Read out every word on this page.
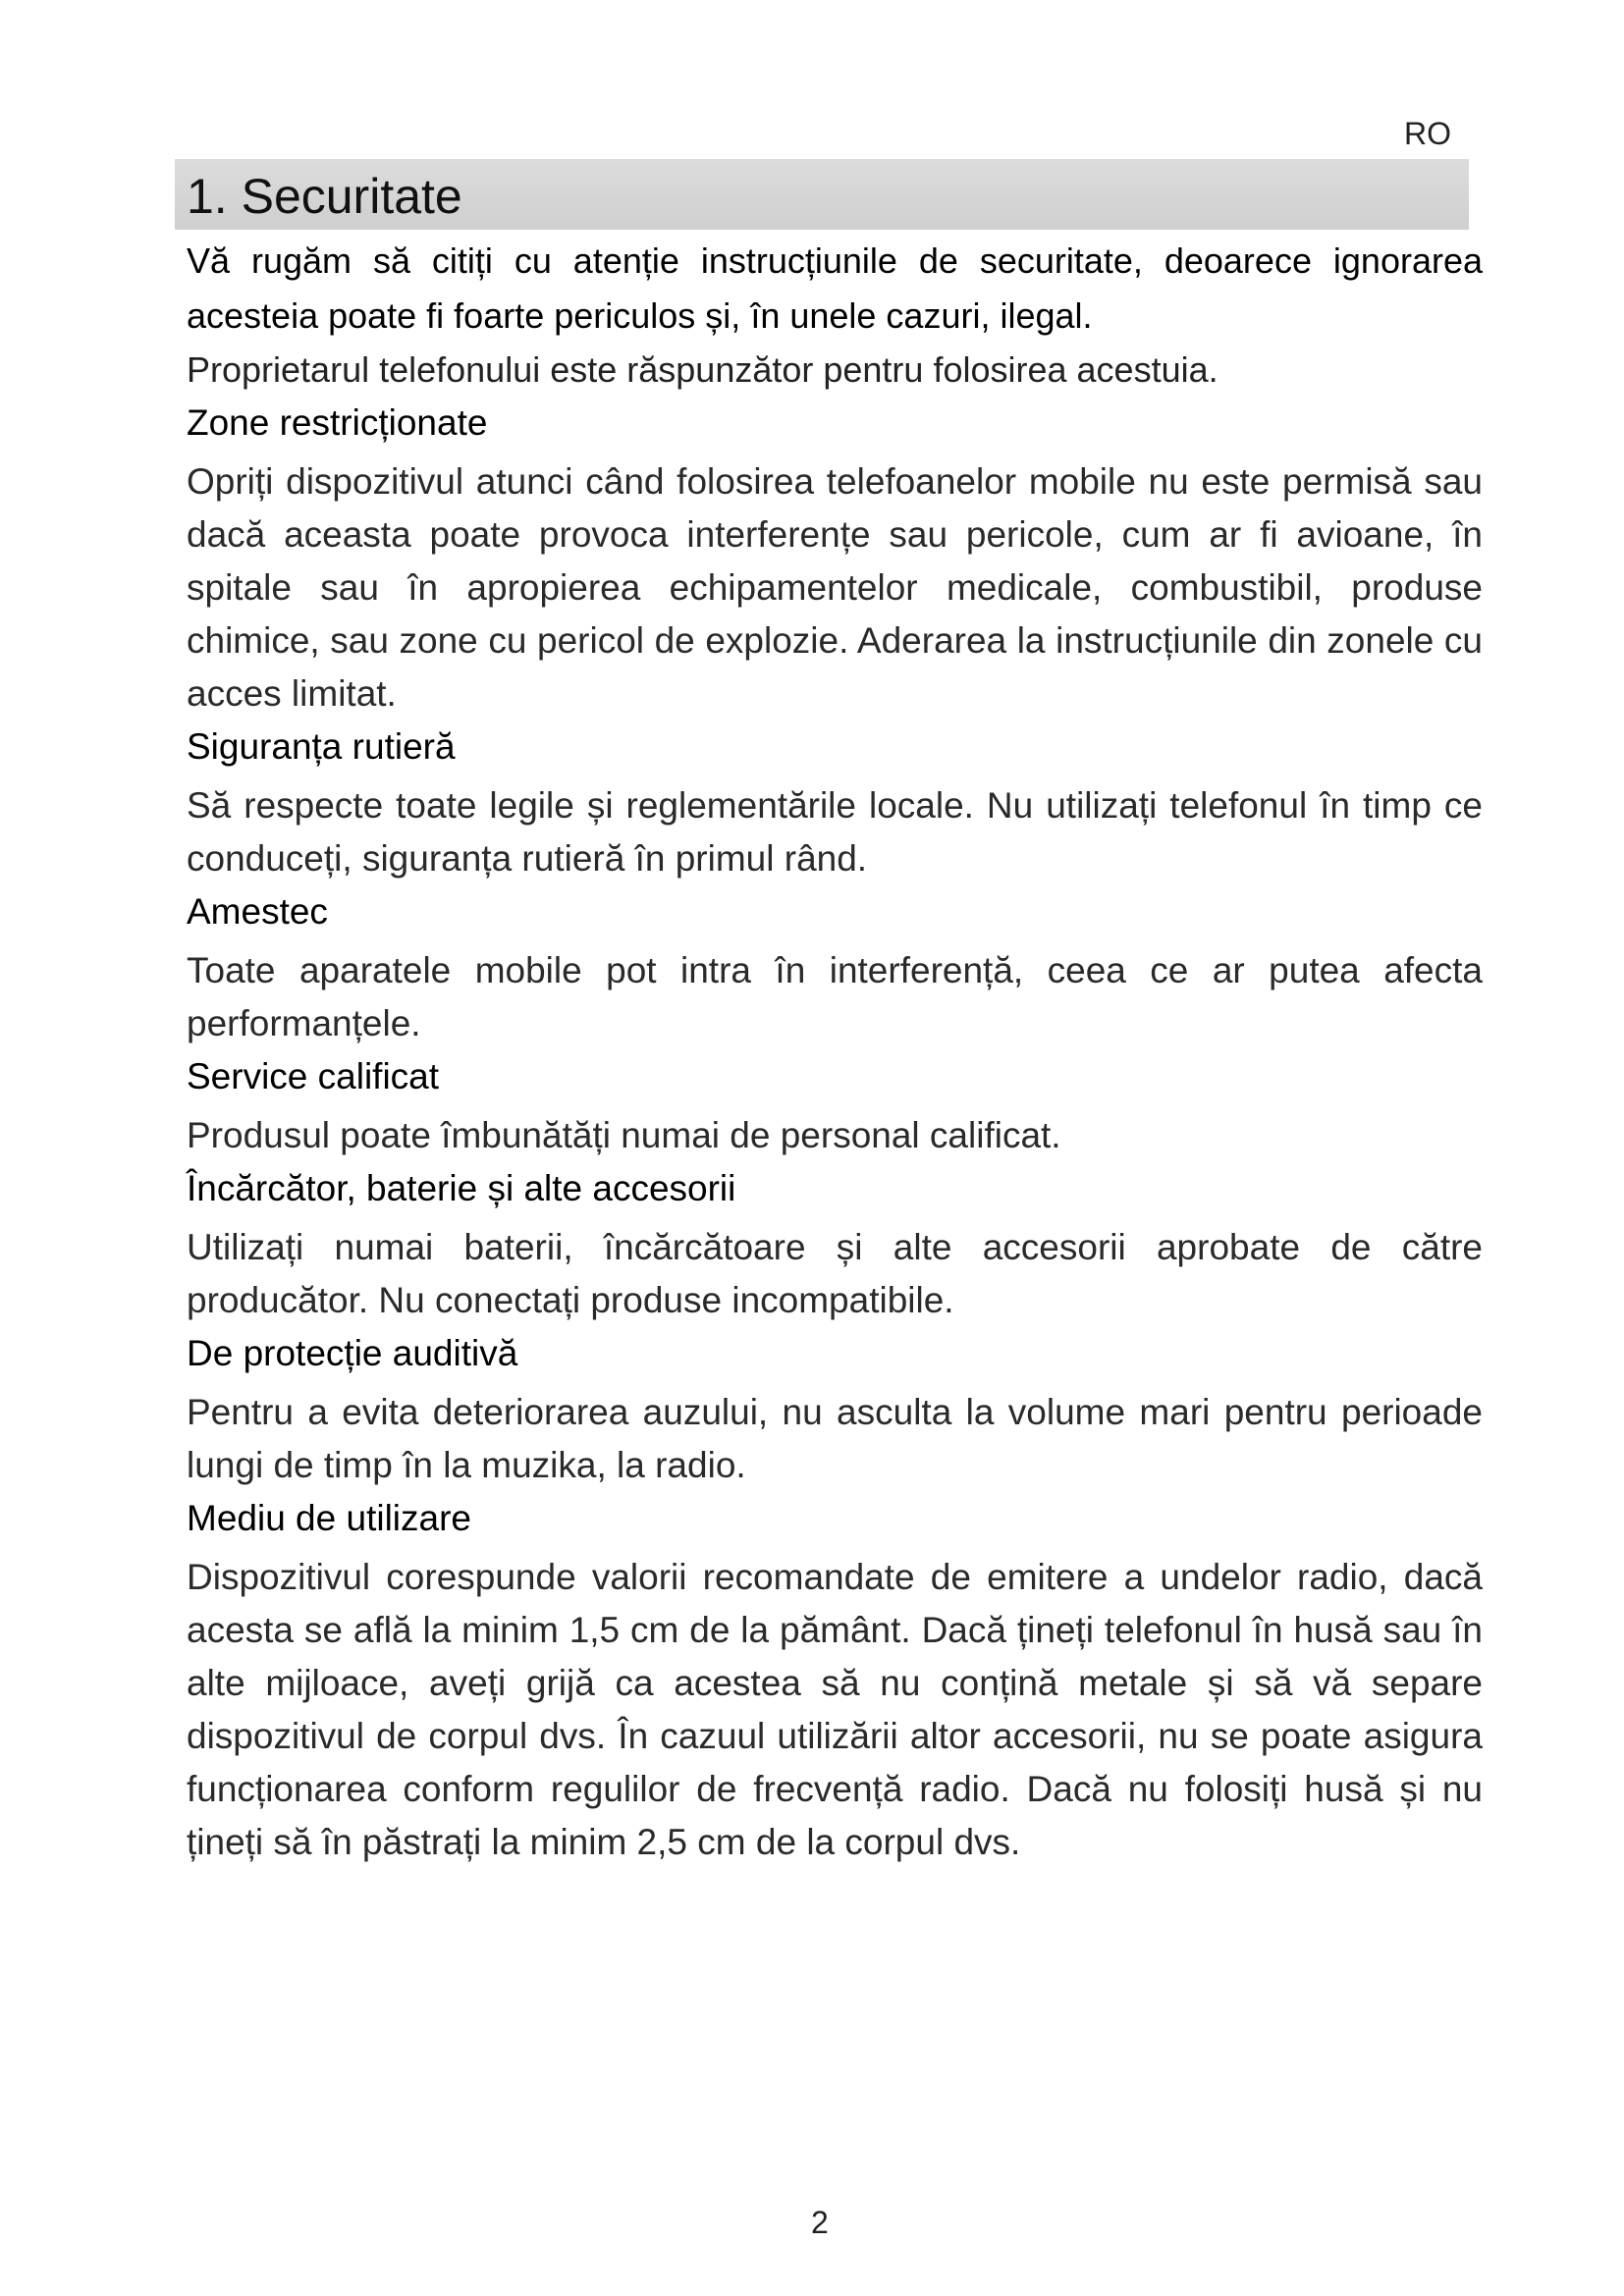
RO
1. Securitate

Vă rugăm să citiți cu atenție instrucțiunile de securitate, deoarece ignorarea acesteia poate fi foarte periculos și, în unele cazuri, ilegal.

Proprietarul telefonului este răspunzător pentru folosirea acestuia.

Zone restricționate

Opriți dispozitivul atunci când folosirea telefoanelor mobile nu este permisă sau dacă aceasta poate provoca interferențe sau pericole, cum ar fi avioane, în spitale sau în apropierea echipamentelor medicale, combustibil, produse chimice, sau zone cu pericol de explozie. Aderarea la instrucțiunile din zonele cu acces limitat.

Siguranța rutieră

Să respecte toate legile și reglementările locale. Nu utilizați telefonul în timp ce conduceți, siguranța rutieră în primul rând.

Amestec

Toate aparatele mobile pot intra în interferență, ceea ce ar putea afecta performanțele.

Service calificat

Produsul poate îmbunătăți numai de personal calificat.

Încărcător, baterie și alte accesorii

Utilizați numai baterii, încărcătoare și alte accesorii aprobate de către producător. Nu conectați produse incompatibile.

De protecție auditivă

Pentru a evita deteriorarea auzului, nu asculta la volume mari pentru perioade lungi de timp în la muzika, la radio.

Mediu de utilizare

Dispozitivul corespunde valorii recomandate de emitere a undelor radio, dacă acesta se află la minim 1,5 cm de la pământ. Dacă țineți telefonul în husă sau în alte mijloace, aveți grijă ca acestea să nu conțină metale și să vă separe dispozitivul de corpul dvs. În cazuul utilizării altor accesorii, nu se poate asigura funcționarea conform regulilor de frecvență radio. Dacă nu folosiți husă și nu țineți să în păstrați la minim 2,5 cm de la corpul dvs.

2
